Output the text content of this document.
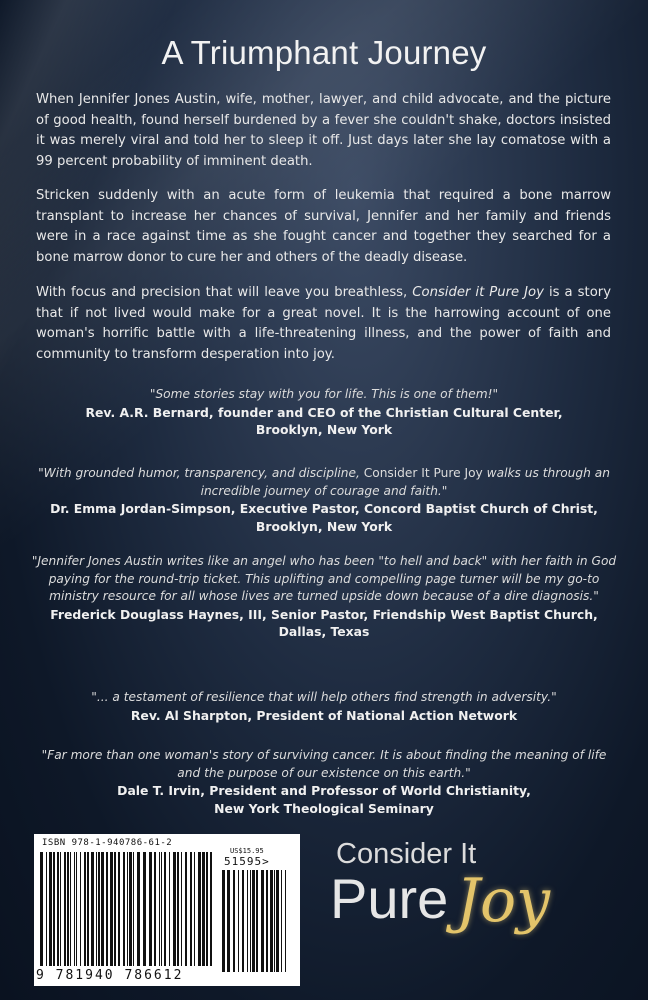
A Triumphant Journey

When Jennifer Jones Austin, wife, mother, lawyer, and child advocate, and the picture of good health, found herself burdened by a fever she couldn't shake, doctors insisted it was merely viral and told her to sleep it off. Just days later she lay comatose with a 99 percent probability of imminent death.

Stricken suddenly with an acute form of leukemia that required a bone marrow transplant to increase her chances of survival, Jennifer and her family and friends were in a race against time as she fought cancer and together they searched for a bone marrow donor to cure her and others of the deadly disease.

With focus and precision that will leave you breathless, Consider it Pure Joy is a story that if not lived would make for a great novel. It is the harrowing account of one woman's horrific battle with a life-threatening illness, and the power of faith and community to transform desperation into joy.

"Some stories stay with you for life. This is one of them!"

Rev. A.R. Bernard, founder and CEO of the Christian Cultural Center,

Brooklyn, New York

"With grounded humor, transparency, and discipline, Consider It Pure Joy walks us through an incredible journey of courage and faith."

Dr. Emma Jordan-Simpson, Executive Pastor, Concord Baptist Church of Christ,

Brooklyn, New York

"Jennifer Jones Austin writes like an angel who has been "to hell and back" with her faith in God paying for the round-trip ticket. This uplifting and compelling page turner will be my go-to ministry resource for all whose lives are turned upside down because of a dire diagnosis."

Frederick Douglass Haynes, III, Senior Pastor, Friendship West Baptist Church,

Dallas, Texas

"... a testament of resilience that will help others find strength in adversity."

Rev. Al Sharpton, President of National Action Network

"Far more than one woman's story of surviving cancer. It is about finding the meaning of life and the purpose of our existence on this earth."

Dale T. Irvin, President and Professor of World Christianity,

New York Theological Seminary

ISBN 978-1-940786-61-2
US$15.95
51595>
9 781940 786612
Consider It
Pure Joy
